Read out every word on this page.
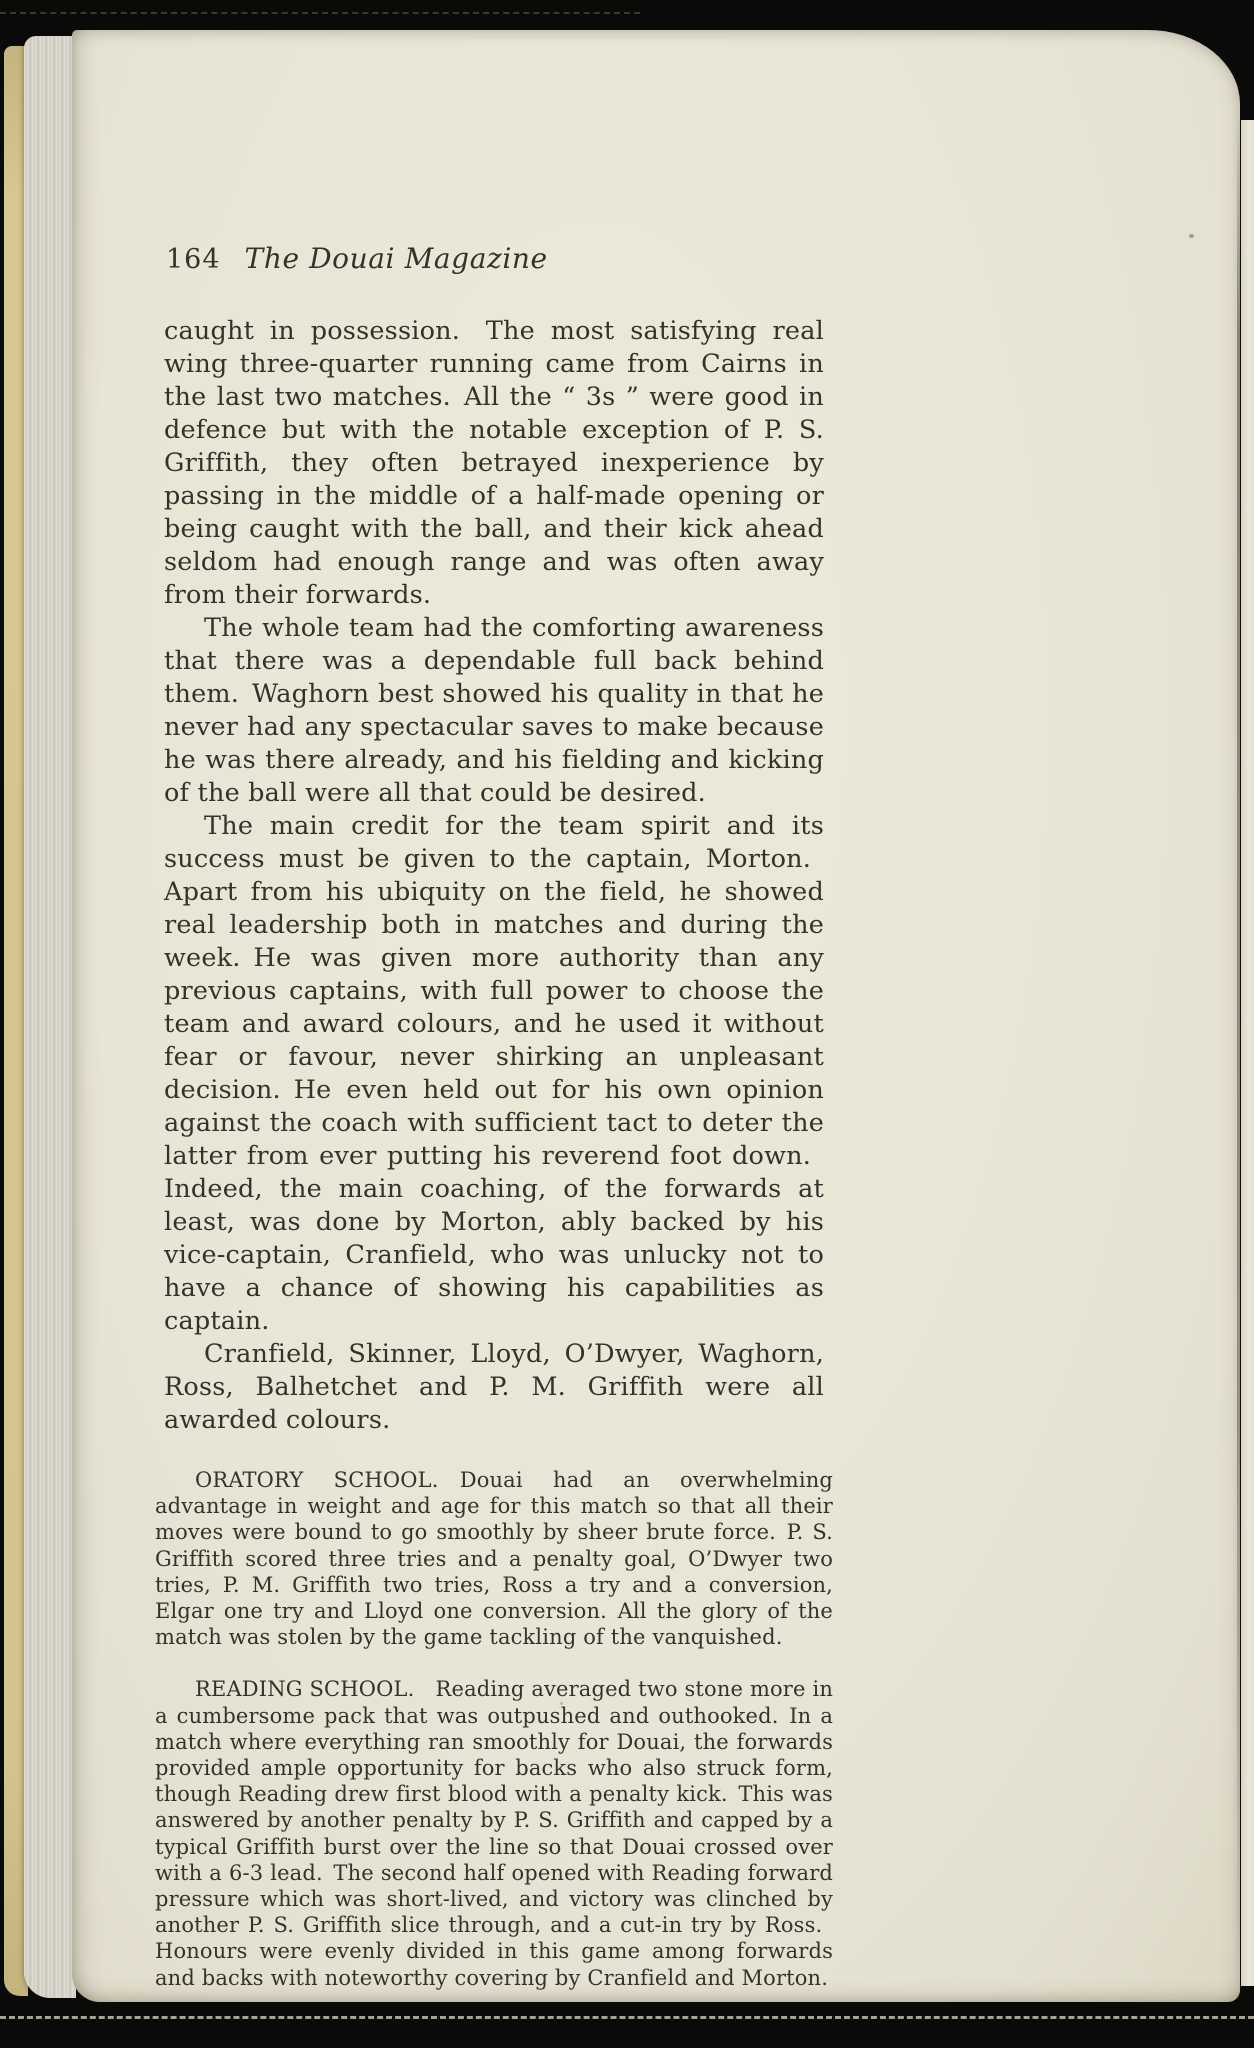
164 The Douai Magazine

caught in possession. The most satisfying real wing three-quarter running came from Cairns in the last two matches. All the “ 3s ” were good in defence but with the notable exception of P. S. Griffith, they often betrayed inexperience by passing in the middle of a half-made opening or being caught with the ball, and their kick ahead seldom had enough range and was often away from their forwards.

The whole team had the comforting awareness that there was a dependable full back behind them. Waghorn best showed his quality in that he never had any spectacular saves to make because he was there already, and his fielding and kicking of the ball were all that could be desired.

The main credit for the team spirit and its success must be given to the captain, Morton. Apart from his ubiquity on the field, he showed real leadership both in matches and during the week. He was given more authority than any previous captains, with full power to choose the team and award colours, and he used it without fear or favour, never shirking an unpleasant decision. He even held out for his own opinion against the coach with sufficient tact to deter the latter from ever putting his reverend foot down. Indeed, the main coaching, of the forwards at least, was done by Morton, ably backed by his vice-captain, Cranfield, who was unlucky not to have a chance of showing his capabilities as captain.

Cranfield, Skinner, Lloyd, O’Dwyer, Waghorn, Ross, Balhetchet and P. M. Griffith were all awarded colours.

ORATORY SCHOOL. Douai had an overwhelming advantage in weight and age for this match so that all their moves were bound to go smoothly by sheer brute force. P. S. Griffith scored three tries and a penalty goal, O’Dwyer two tries, P. M. Griffith two tries, Ross a try and a conversion, Elgar one try and Lloyd one conversion. All the glory of the match was stolen by the game tackling of the vanquished.

READING SCHOOL. Reading averaged two stone more in a cumbersome pack that was outpushed and outhooked. In a match where everything ran smoothly for Douai, the forwards provided ample opportunity for backs who also struck form, though Reading drew first blood with a penalty kick. This was answered by another penalty by P. S. Griffith and capped by a typical Griffith burst over the line so that Douai crossed over with a 6-3 lead. The second half opened with Reading forward pressure which was short-lived, and victory was clinched by another P. S. Griffith slice through, and a cut-in try by Ross. Honours were evenly divided in this game among forwards and backs with noteworthy covering by Cranfield and Morton.
